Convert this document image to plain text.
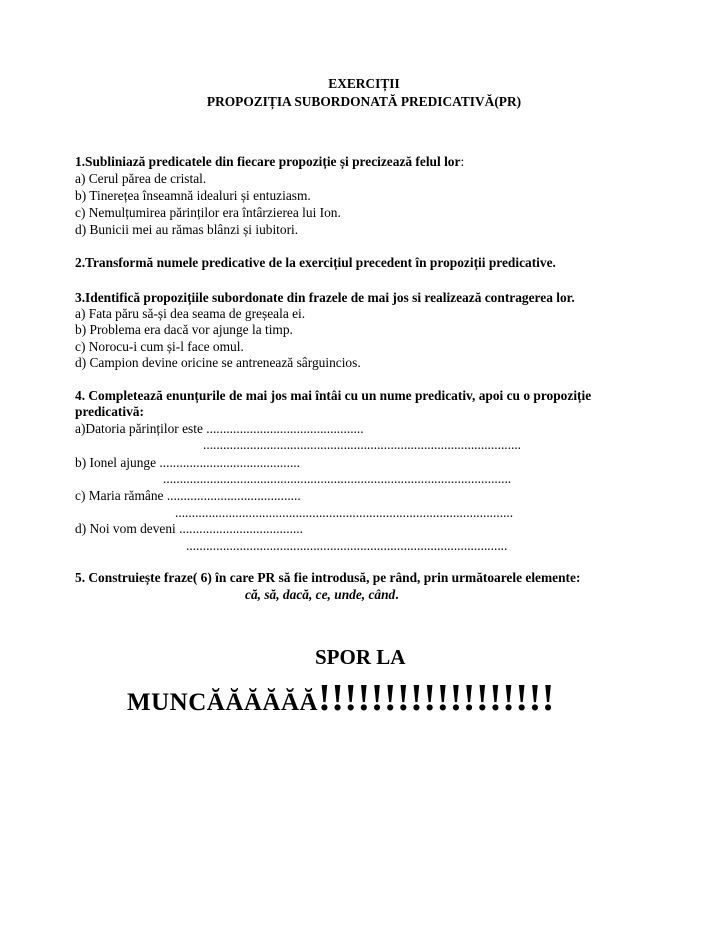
EXERCIȚII
PROPOZIȚIA SUBORDONATĂ PREDICATIVĂ(PR)
1.Subliniază predicatele din fiecare propoziție și precizează felul lor:
a) Cerul părea de cristal.
b) Tinerețea înseamnă idealuri și entuziasm.
c) Nemulțumirea părinților era întârzierea lui Ion.
d) Bunicii mei au rămas blânzi și iubitori.
2.Transformă numele predicative de la exercițiul precedent în propoziții predicative.
3.Identifică propozițiile subordonate din frazele de mai jos si realizează contragerea lor.
a) Fata păru să-și dea seama de greșeala ei.
b) Problema era dacă vor ajunge la timp.
c) Norocu-i cum și-l face omul.
d) Campion devine oricine se antrenează sârguincios.
4. Completează enunțurile de mai jos mai întâi cu un nume predicativ, apoi cu o propoziție
predicativă:
a)Datoria părinților este ...............................................
...............................................................................................
b) Ionel ajunge ..........................................
........................................................................................................
c) Maria rămâne ........................................
.....................................................................................................
d) Noi vom deveni .....................................
................................................................................................
5. Construiește fraze( 6) în care PR să fie introdusă, pe rând, prin următoarele elemente:
că, să, dacă, ce, unde, când.
SPOR LA
MUNCĂĂĂĂĂĂ!!!!!!!!!!!!!!!!!!
